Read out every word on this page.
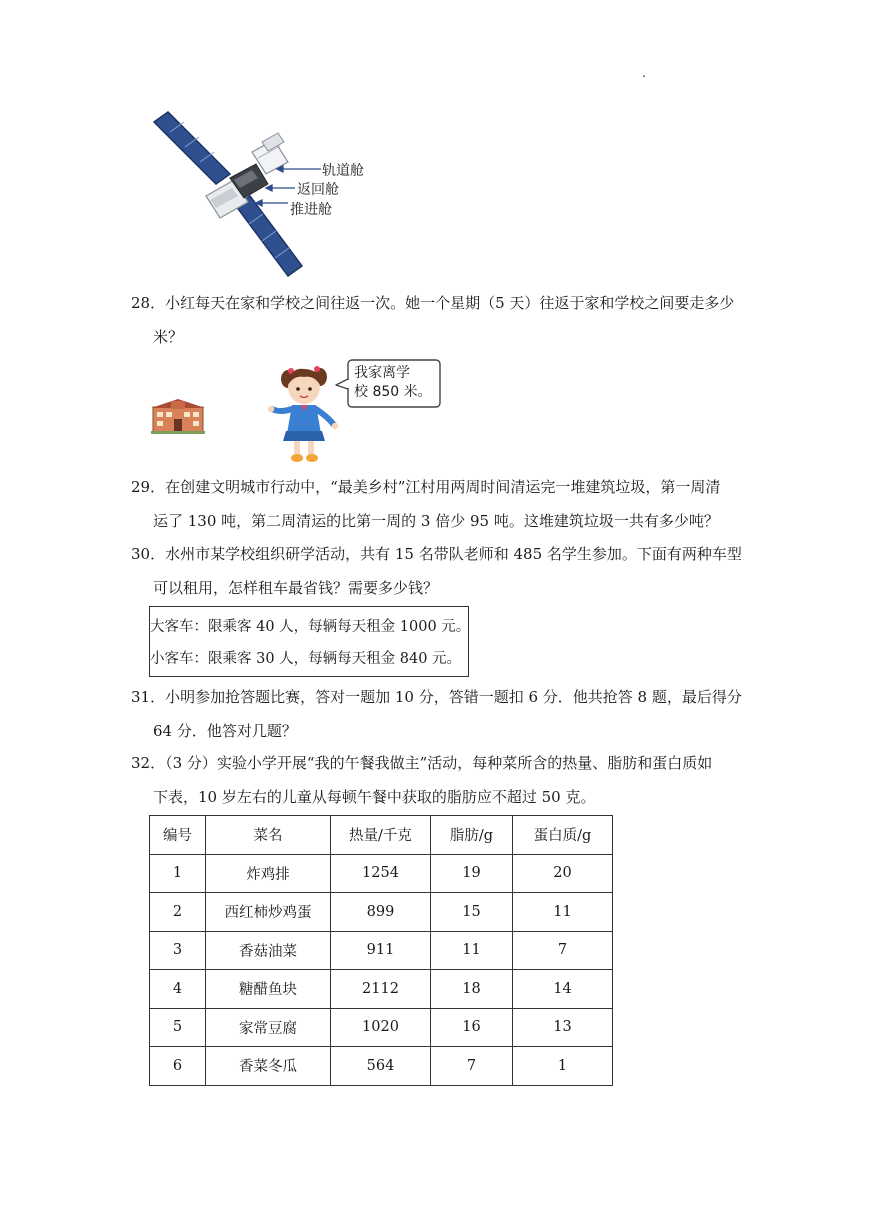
.
轨道舱
返回舱
推进舱
28．小红每天在家和学校之间往返一次。她一个星期（5 天）往返于家和学校之间要走多少
米？
我家离学
校 850 米。
29．在创建文明城市行动中，“最美乡村”江村用两周时间清运完一堆建筑垃圾，第一周清
运了 130 吨，第二周清运的比第一周的 3 倍少 95 吨。这堆建筑垃圾一共有多少吨？
30．水州市某学校组织研学活动，共有 15 名带队老师和 485 名学生参加。下面有两种车型
可以租用，怎样租车最省钱？需要多少钱？
大客车：限乘客 40 人，每辆每天租金 1000 元。
小客车：限乘客 30 人，每辆每天租金 840 元。
31．小明参加抢答题比赛，答对一题加 10 分，答错一题扣 6 分．他共抢答 8 题，最后得分
64 分．他答对几题？
32．（3 分）实验小学开展“我的午餐我做主”活动，每种菜所含的热量、脂肪和蛋白质如
下表，10 岁左右的儿童从每顿午餐中获取的脂肪应不超过 50 克。
编号	菜名	热量/千克	脂肪/g	蛋白质/g
1	炸鸡排	1254	19	20
2	西红柿炒鸡蛋	899	15	11
3	香菇油菜	911	11	7
4	糖醋鱼块	2112	18	14
5	家常豆腐	1020	16	13
6	香菜冬瓜	564	7	1
